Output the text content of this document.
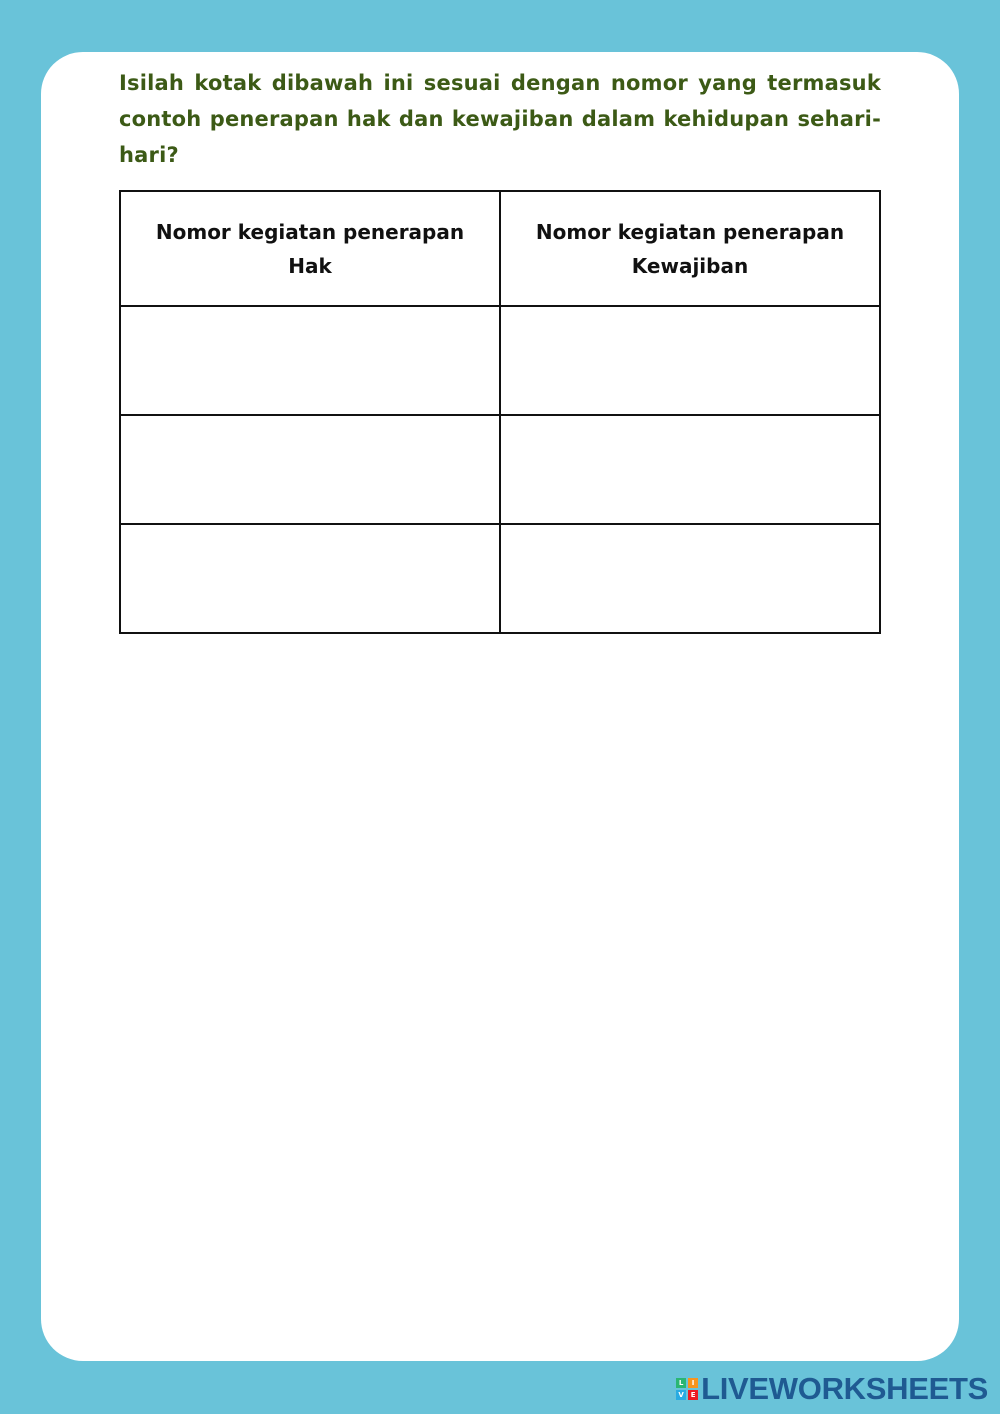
Isilah kotak dibawah ini sesuai dengan nomor yang termasuk contoh penerapan hak dan kewajiban dalam kehidupan sehari-hari?

Nomor kegiatan penerapan Hak	Nomor kegiatan penerapan Kewajiban

L	I
V E LIVEWORKSHEETS
